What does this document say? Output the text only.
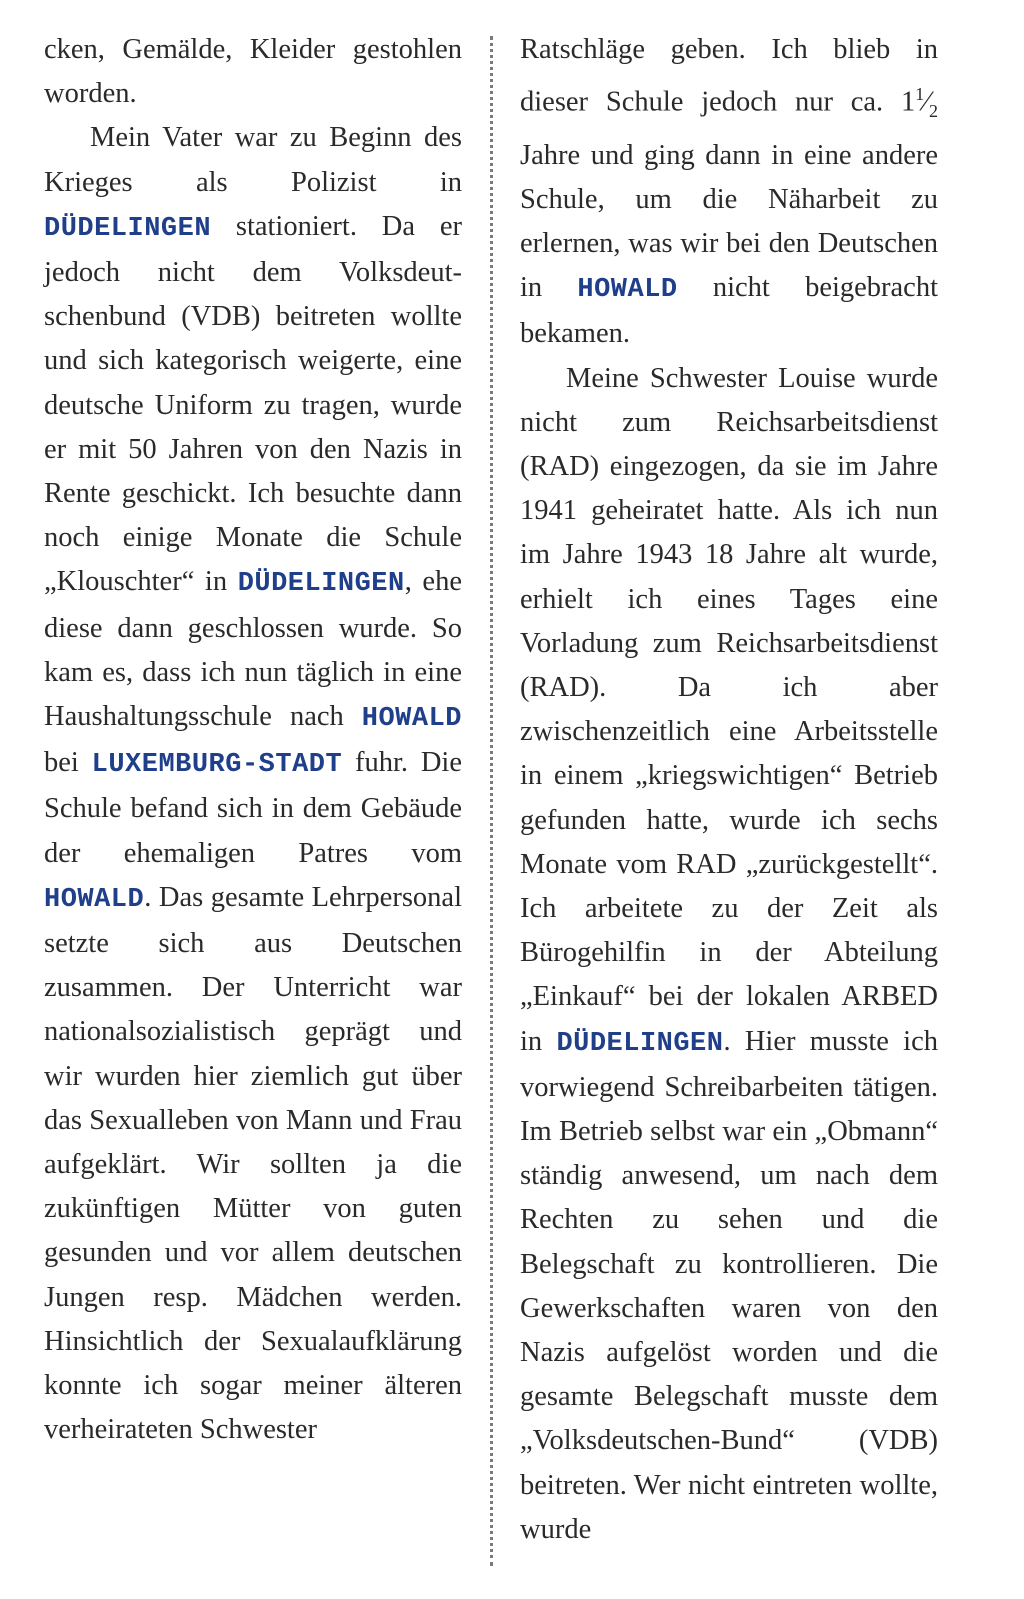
cken, Gemälde, Kleider gestohlen worden.

Mein Vater war zu Beginn des Krieges als Polizist in DÜDELINGEN stationiert. Da er jedoch nicht dem Volksdeutschenbund (VDB) beitreten wollte und sich kategorisch weigerte, eine deutsche Uniform zu tragen, wurde er mit 50 Jahren von den Nazis in Rente geschickt. Ich besuchte dann noch einige Monate die Schule „Klouschter“ in DÜDELINGEN, ehe diese dann geschlossen wurde. So kam es, dass ich nun täglich in eine Haushaltungsschule nach HOWALD bei LUXEMBURG-STADT fuhr. Die Schule befand sich in dem Gebäude der ehemaligen Patres vom HOWALD. Das gesamte Lehrpersonal setzte sich aus Deutschen zusammen. Der Unterricht war nationalsozialistisch geprägt und wir wurden hier ziemlich gut über das Sexualleben von Mann und Frau aufgeklärt. Wir sollten ja die zukünftigen Mütter von guten gesunden und vor allem deutschen Jungen resp. Mädchen werden. Hinsichtlich der Sexualaufklärung konnte ich sogar meiner älteren verheirateten Schwester

Ratschläge geben. Ich blieb in dieser Schule jedoch nur ca. $1^1⁄_2$ Jahre und ging dann in eine andere Schule, um die Näharbeit zu erlernen, was wir bei den Deutschen in HOWALD nicht beigebracht bekamen.

Meine Schwester Louise wurde nicht zum Reichsarbeitsdienst (RAD) eingezogen, da sie im Jahre 1941 geheiratet hatte. Als ich nun im Jahre 1943 18 Jahre alt wurde, erhielt ich eines Tages eine Vorladung zum Reichsarbeitsdienst (RAD). Da ich aber zwischenzeitlich eine Arbeitsstelle in einem „kriegswichtigen“ Betrieb gefunden hatte, wurde ich sechs Monate vom RAD „zurückgestellt“. Ich arbeitete zu der Zeit als Bürogehilfin in der Abteilung „Einkauf“ bei der lokalen ARBED in DÜDELINGEN. Hier musste ich vorwiegend Schreibarbeiten tätigen. Im Betrieb selbst war ein „Obmann“ ständig anwesend, um nach dem Rechten zu sehen und die Belegschaft zu kontrollieren. Die Gewerkschaften waren von den Nazis aufgelöst worden und die gesamte Belegschaft musste dem „Volksdeutschen-Bund“ (VDB) beitreten. Wer nicht eintreten wollte, wurde
